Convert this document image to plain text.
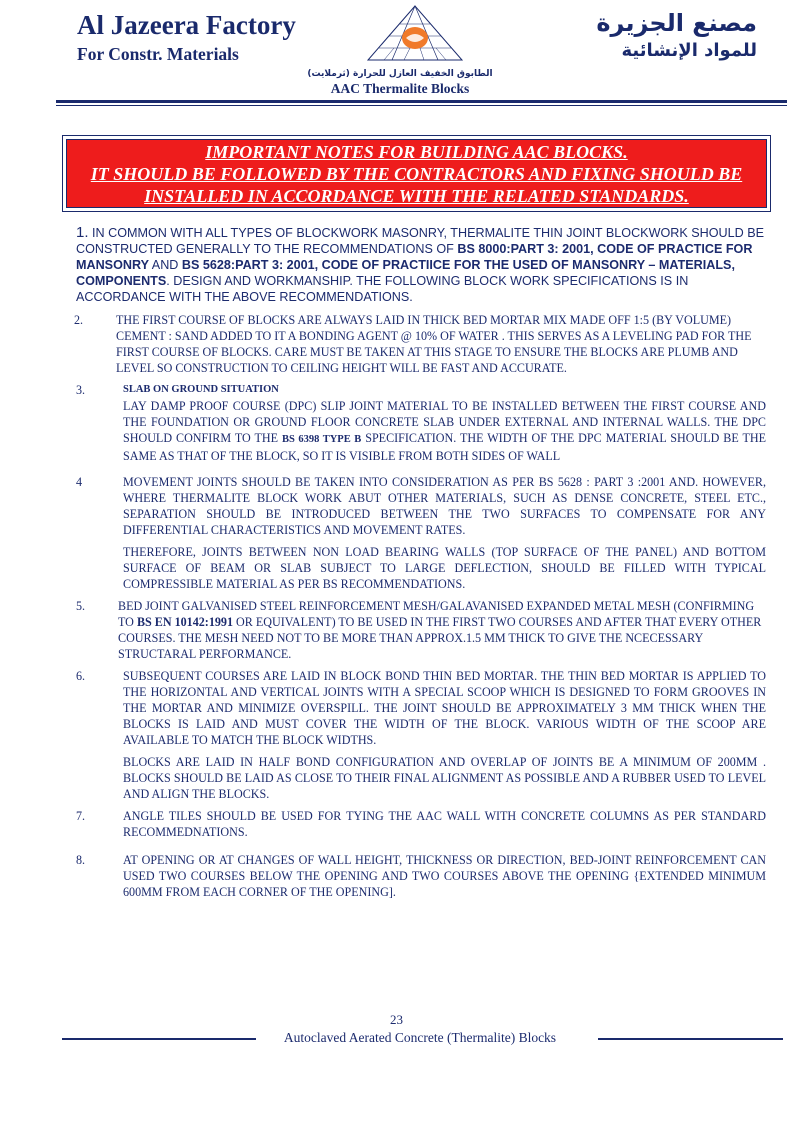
Al Jazeera Factory
For Constr. Materials
مصنع الجزيرة
للمواد الإنشائية
الطابوق الخفيف العازل للحرارة (ثرملايت)
AAC Thermalite Blocks
IMPORTANT NOTES FOR BUILDING AAC BLOCKS.
IT SHOULD BE FOLLOWED BY THE CONTRACTORS AND FIXING SHOULD BE
INSTALLED IN ACCORDANCE WITH THE RELATED STANDARDS.

1. IN COMMON WITH ALL TYPES OF BLOCKWORK MASONRY, THERMALITE THIN JOINT BLOCKWORK SHOULD BE CONSTRUCTED GENERALLY TO THE RECOMMENDATIONS OF BS 8000:PART 3: 2001, CODE OF PRACTICE FOR MANSONRY AND BS 5628:PART 3: 2001, CODE OF PRACTIICE FOR THE USED OF MANSONRY – MATERIALS, COMPONENTS. DESIGN AND WORKMANSHIP. THE FOLLOWING BLOCK WORK SPECIFICATIONS IS IN ACCORDANCE WITH THE ABOVE RECOMMENDATIONS.

2.	THE FIRST COURSE OF BLOCKS ARE ALWAYS LAID IN THICK BED MORTAR MIX MADE OFF 1:5 (BY VOLUME) CEMENT : SAND ADDED TO IT A BONDING AGENT @ 10% OF WATER . THIS SERVES AS A LEVELING PAD FOR THE FIRST COURSE OF BLOCKS. CARE MUST BE TAKEN AT THIS STAGE TO ENSURE THE BLOCKS ARE PLUMB AND LEVEL SO CONSTRUCTION TO CEILING HEIGHT WILL BE FAST AND ACCURATE.
3.	SLAB ON GROUND SITUATION
LAY DAMP PROOF COURSE (DPC) SLIP JOINT MATERIAL TO BE INSTALLED BETWEEN THE FIRST COURSE AND THE FOUNDATION OR GROUND FLOOR CONCRETE SLAB UNDER EXTERNAL AND INTERNAL WALLS. THE DPC SHOULD CONFIRM TO THE BS 6398 TYPE B SPECIFICATION. THE WIDTH OF THE DPC MATERIAL SHOULD BE THE SAME AS THAT OF THE BLOCK, SO IT IS VISIBLE FROM BOTH SIDES OF WALL
4	MOVEMENT JOINTS SHOULD BE TAKEN INTO CONSIDERATION AS PER BS 5628 : PART 3 :2001 AND. HOWEVER, WHERE THERMALITE BLOCK WORK ABUT OTHER MATERIALS, SUCH AS DENSE CONCRETE, STEEL ETC., SEPARATION SHOULD BE INTRODUCED BETWEEN THE TWO SURFACES TO COMPENSATE FOR ANY DIFFERENTIAL CHARACTERISTICS AND MOVEMENT RATES.

THEREFORE, JOINTS BETWEEN NON LOAD BEARING WALLS (TOP SURFACE OF THE PANEL) AND BOTTOM SURFACE OF BEAM OR SLAB SUBJECT TO LARGE DEFLECTION, SHOULD BE FILLED WITH TYPICAL COMPRESSIBLE MATERIAL AS PER BS RECOMMENDATIONS.

5.	BED JOINT GALVANISED STEEL REINFORCEMENT MESH/GALAVANISED EXPANDED METAL MESH (CONFIRMING TO BS EN 10142:1991 OR EQUIVALENT) TO BE USED IN THE FIRST TWO COURSES AND AFTER THAT EVERY OTHER COURSES. THE MESH NEED NOT TO BE MORE THAN APPROX.1.5 MM THICK TO GIVE THE NCECESSARY STRUCTARAL PERFORMANCE.
6.	SUBSEQUENT COURSES ARE LAID IN BLOCK BOND THIN BED MORTAR. THE THIN BED MORTAR IS APPLIED TO THE HORIZONTAL AND VERTICAL JOINTS WITH A SPECIAL SCOOP WHICH IS DESIGNED TO FORM GROOVES IN THE MORTAR AND MINIMIZE OVERSPILL. THE JOINT SHOULD BE APPROXIMATELY 3 MM THICK WHEN THE BLOCKS IS LAID AND MUST COVER THE WIDTH OF THE BLOCK. VARIOUS WIDTH OF THE SCOOP ARE AVAILABLE TO MATCH THE BLOCK WIDTHS.

BLOCKS ARE LAID IN HALF BOND CONFIGURATION AND OVERLAP OF JOINTS BE A MINIMUM OF 200MM . BLOCKS SHOULD BE LAID AS CLOSE TO THEIR FINAL ALIGNMENT AS POSSIBLE AND A RUBBER USED TO LEVEL AND ALIGN THE BLOCKS.

7.	ANGLE TILES SHOULD BE USED FOR TYING THE AAC WALL WITH CONCRETE COLUMNS AS PER STANDARD RECOMMEDNATIONS.
8.	AT OPENING OR AT CHANGES OF WALL HEIGHT, THICKNESS OR DIRECTION, BED-JOINT REINFORCEMENT CAN USED TWO COURSES BELOW THE OPENING AND TWO COURSES ABOVE THE OPENING {EXTENDED MINIMUM 600MM FROM EACH CORNER OF THE OPENING].
23
Autoclaved Aerated Concrete (Thermalite) Blocks
